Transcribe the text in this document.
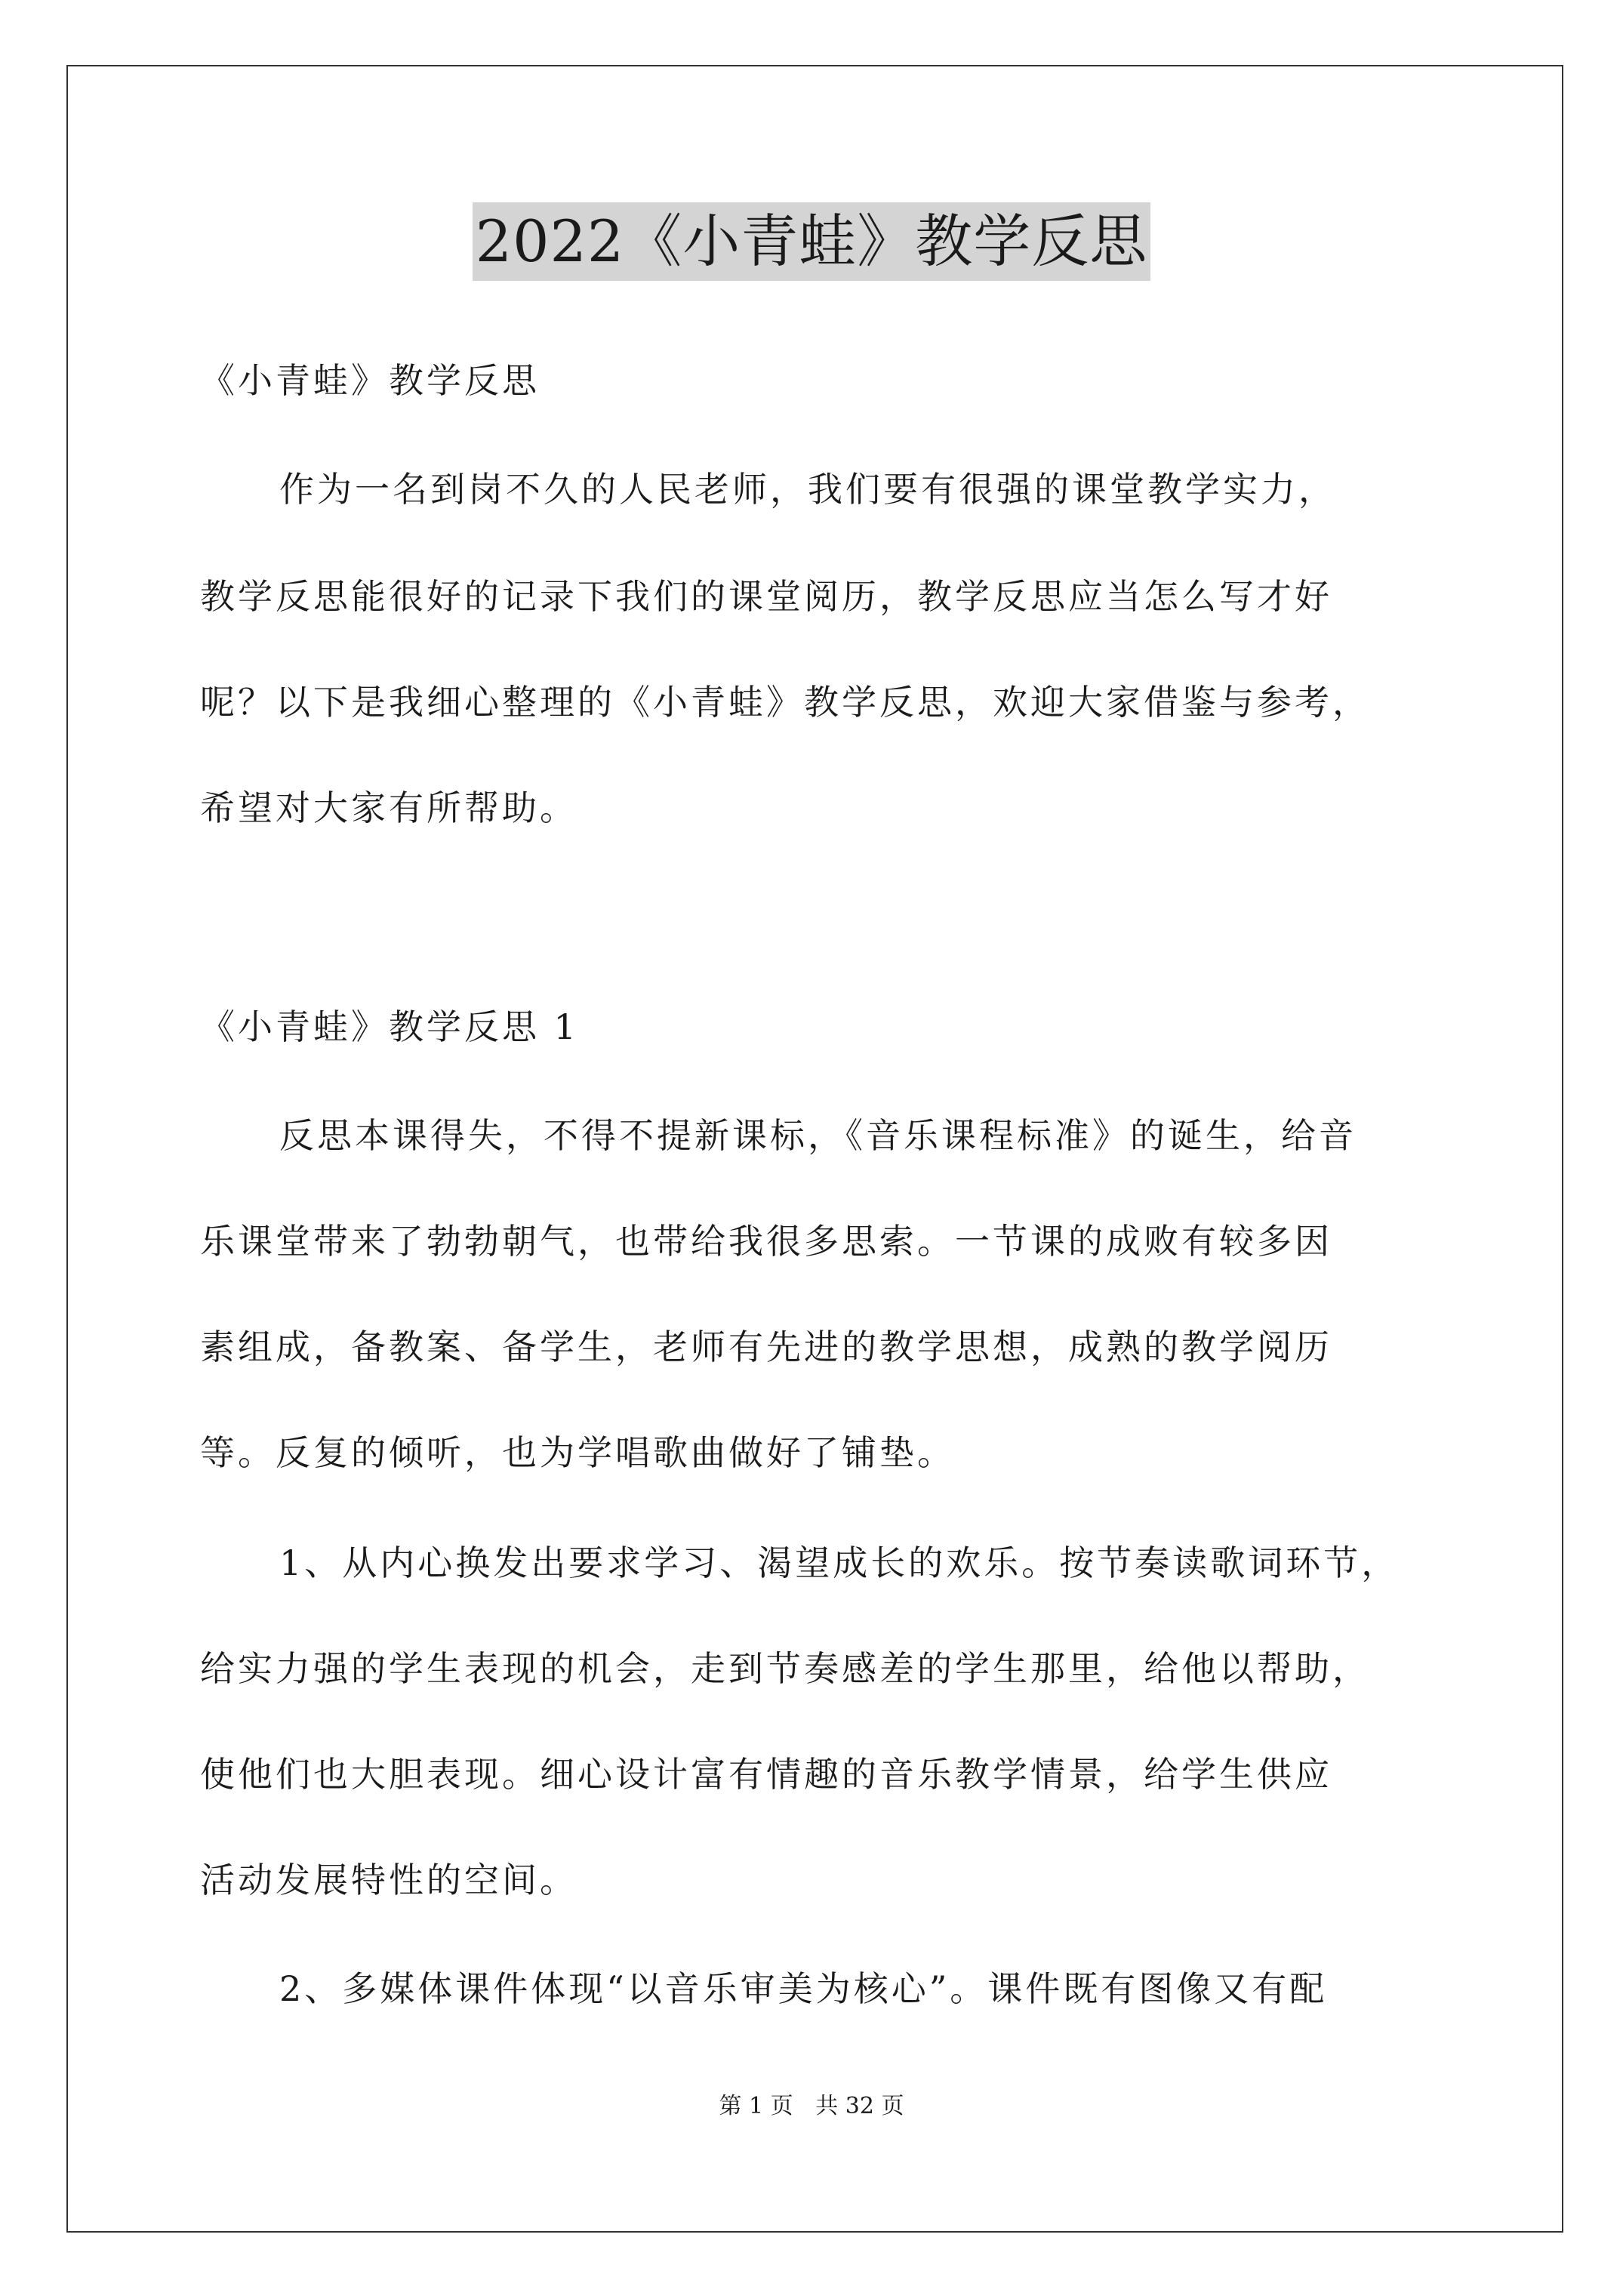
2022《小青蛙》教学反思
《小青蛙》教学反思
作为一名到岗不久的人民老师，我们要有很强的课堂教学实力，
教学反思能很好的记录下我们的课堂阅历，教学反思应当怎么写才好
呢？以下是我细心整理的《小青蛙》教学反思，欢迎大家借鉴与参考，
希望对大家有所帮助。
《小青蛙》教学反思 1
反思本课得失，不得不提新课标，《音乐课程标准》的诞生，给音
乐课堂带来了勃勃朝气，也带给我很多思索。一节课的成败有较多因
素组成，备教案、备学生，老师有先进的教学思想，成熟的教学阅历
等。反复的倾听，也为学唱歌曲做好了铺垫。
1、从内心换发出要求学习、渴望成长的欢乐。按节奏读歌词环节，
给实力强的学生表现的机会，走到节奏感差的学生那里，给他以帮助，
使他们也大胆表现。细心设计富有情趣的音乐教学情景，给学生供应
活动发展特性的空间。
2、多媒体课件体现“以音乐审美为核心”。课件既有图像又有配
第 1 页 共 32 页
